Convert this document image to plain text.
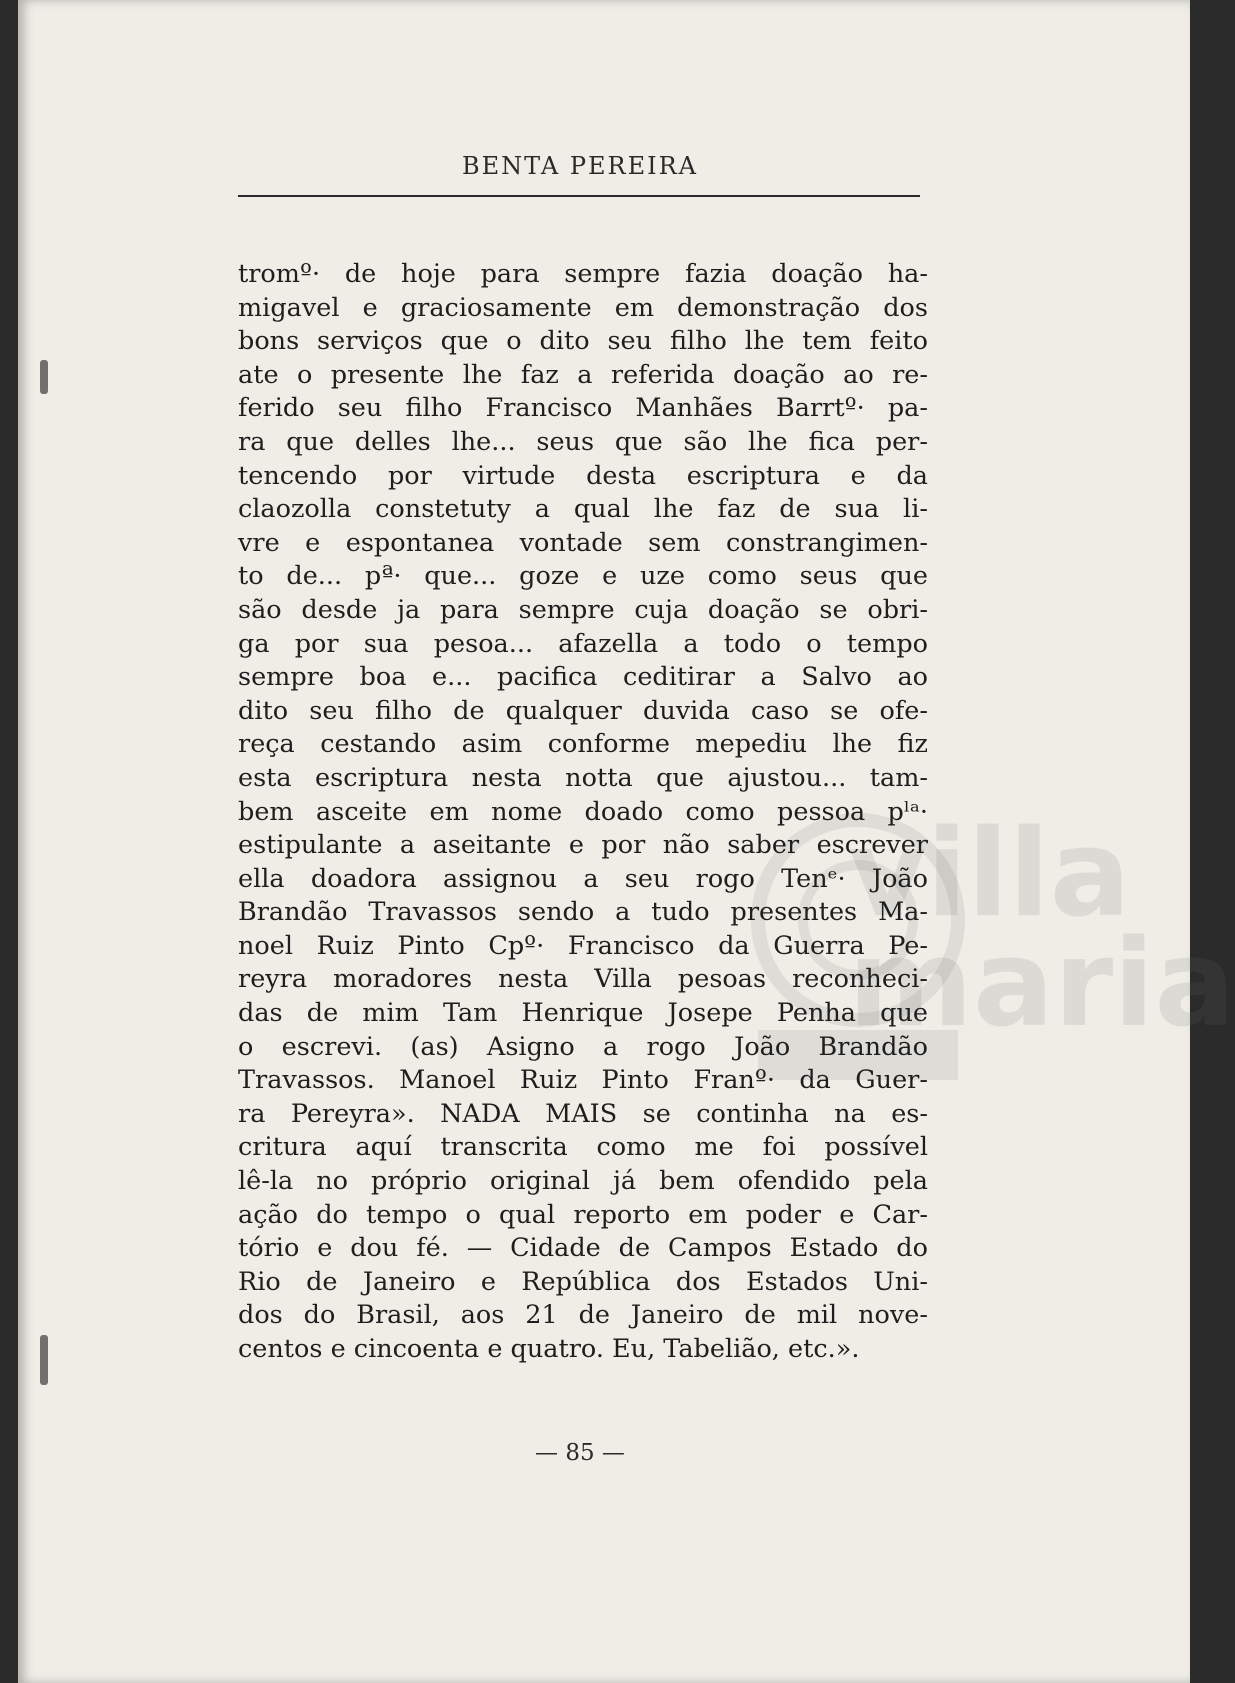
villa
maria
BENTA PEREIRA
tromº· de hoje para sempre fazia doação ha-
migavel e graciosamente em demonstração dos
bons serviços que o dito seu filho lhe tem feito
ate o presente lhe faz a referida doação ao re-
ferido seu filho Francisco Manhães Barrtº· pa-
ra que delles lhe... seus que são lhe fica per-
tencendo por virtude desta escriptura e da
claozolla constetuty a qual lhe faz de sua li-
vre e espontanea vontade sem constrangimen-
to de... pª· que... goze e uze como seus que
são desde ja para sempre cuja doação se obri-
ga por sua pesoa... afazella a todo o tempo
sempre boa e... pacifica ceditirar a Salvo ao
dito seu filho de qualquer duvida caso se ofe-
reça cestando asim conforme mepediu lhe fiz
esta escriptura nesta notta que ajustou... tam-
bem asceite em nome doado como pessoa pˡᵃ·
estipulante a aseitante e por não saber escrever
ella doadora assignou a seu rogo Tenᵉ· João
Brandão Travassos sendo a tudo presentes Ma-
noel Ruiz Pinto Cpº· Francisco da Guerra Pe-
reyra moradores nesta Villa pesoas reconheci-
das de mim Tam Henrique Josepe Penha que
o escrevi. (as) Asigno a rogo João Brandão
Travassos. Manoel Ruiz Pinto Franº· da Guer-
ra Pereyra». NADA MAIS se continha na es-
critura aquí transcrita como me foi possível
lê-la no próprio original já bem ofendido pela
ação do tempo o qual reporto em poder e Car-
tório e dou fé. — Cidade de Campos Estado do
Rio de Janeiro e República dos Estados Uni-
dos do Brasil, aos 21 de Janeiro de mil nove-
centos e cincoenta e quatro. Eu, Tabelião, etc.».
— 85 —
